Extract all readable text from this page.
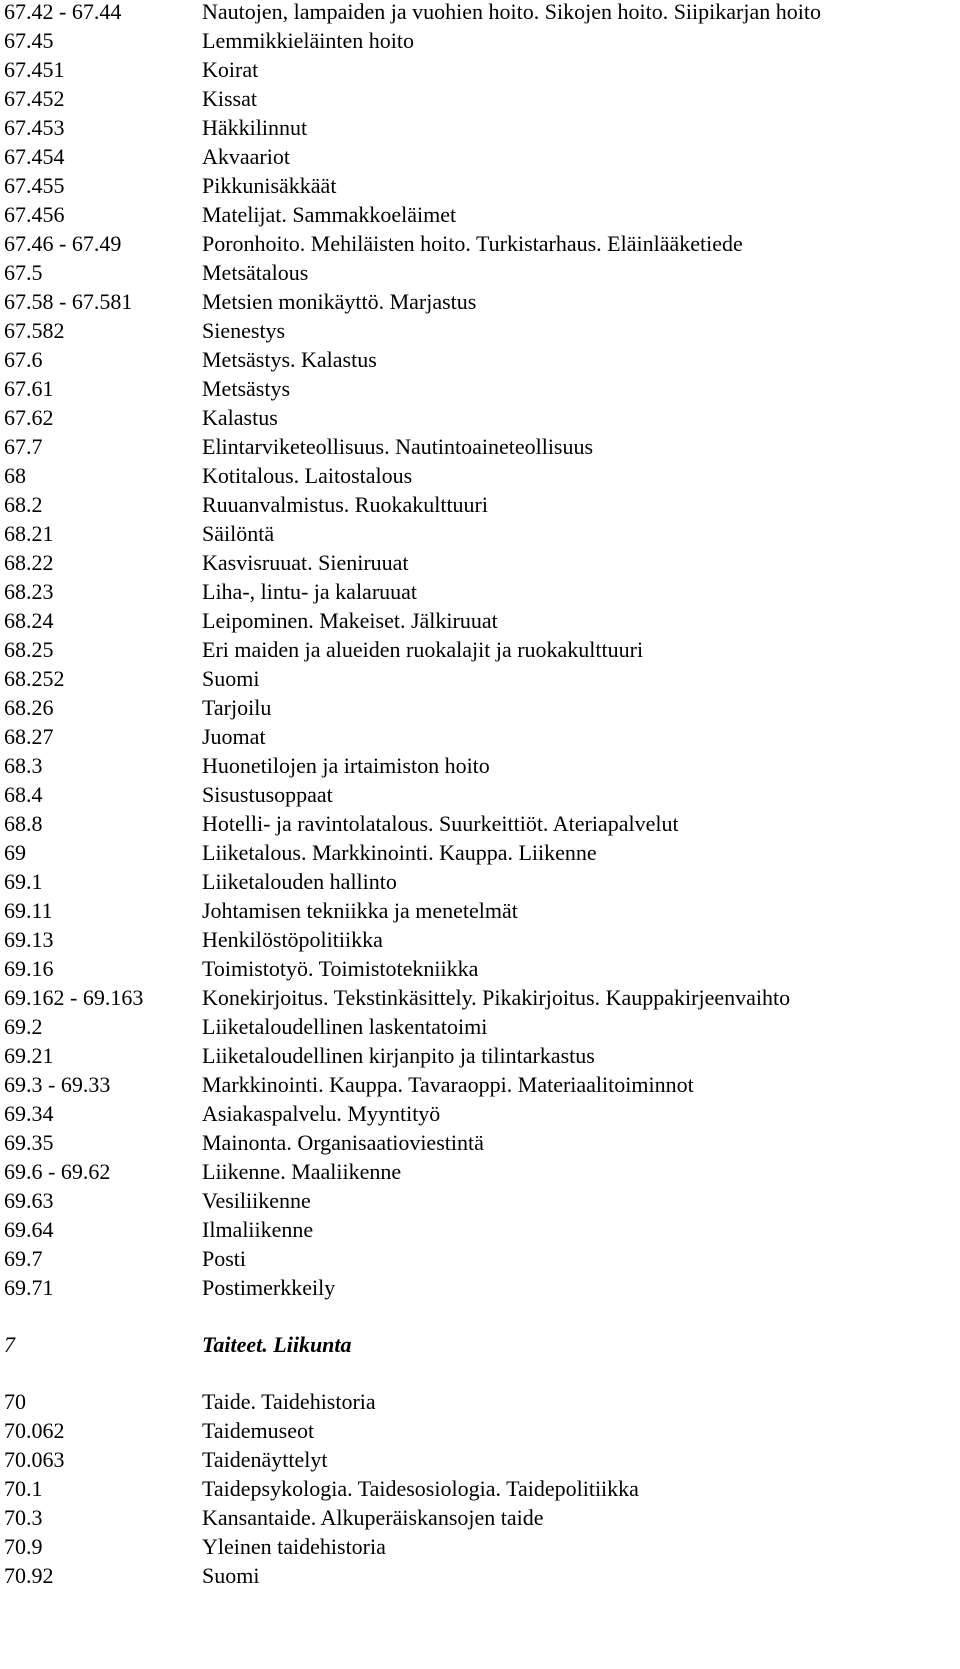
67.42 - 67.44	Nautojen, lampaiden ja vuohien hoito. Sikojen hoito. Siipikarjan hoito
67.45	Lemmikkieläinten hoito
67.451	Koirat
67.452	Kissat
67.453	Häkkilinnut
67.454	Akvaariot
67.455	Pikkunisäkkäät
67.456	Matelijat. Sammakkoeläimet
67.46 - 67.49	Poronhoito. Mehiläisten hoito. Turkistarhaus. Eläinlääketiede
67.5	Metsätalous
67.58 - 67.581	Metsien monikäyttö. Marjastus
67.582	Sienestys
67.6	Metsästys. Kalastus
67.61	Metsästys
67.62	Kalastus
67.7	Elintarviketeollisuus. Nautintoaineteollisuus
68	Kotitalous. Laitostalous
68.2	Ruuanvalmistus. Ruokakulttuuri
68.21	Säilöntä
68.22	Kasvisruuat. Sieniruuat
68.23	Liha-, lintu- ja kalaruuat
68.24	Leipominen. Makeiset. Jälkiruuat
68.25	Eri maiden ja alueiden ruokalajit ja ruokakulttuuri
68.252	Suomi
68.26	Tarjoilu
68.27	Juomat
68.3	Huonetilojen ja irtaimiston hoito
68.4	Sisustusoppaat
68.8	Hotelli- ja ravintolatalous. Suurkeittiöt. Ateriapalvelut
69	Liiketalous. Markkinointi. Kauppa. Liikenne
69.1	Liiketalouden hallinto
69.11	Johtamisen tekniikka ja menetelmät
69.13	Henkilöstöpolitiikka
69.16	Toimistotyö. Toimistotekniikka
69.162 - 69.163	Konekirjoitus. Tekstinkäsittely. Pikakirjoitus. Kauppakirjeenvaihto
69.2	Liiketaloudellinen laskentatoimi
69.21	Liiketaloudellinen kirjanpito ja tilintarkastus
69.3 - 69.33	Markkinointi. Kauppa. Tavaraoppi. Materiaalitoiminnot
69.34	Asiakaspalvelu. Myyntityö
69.35	Mainonta. Organisaatioviestintä
69.6 - 69.62	Liikenne. Maaliikenne
69.63	Vesiliikenne
69.64	Ilmaliikenne
69.7	Posti
69.71	Postimerkkeily
7	Taiteet. Liikunta
70	Taide. Taidehistoria
70.062	Taidemuseot
70.063	Taidenäyttelyt
70.1	Taidepsykologia. Taidesosiologia. Taidepolitiikka
70.3	Kansantaide. Alkuperäiskansojen taide
70.9	Yleinen taidehistoria
70.92	Suomi
